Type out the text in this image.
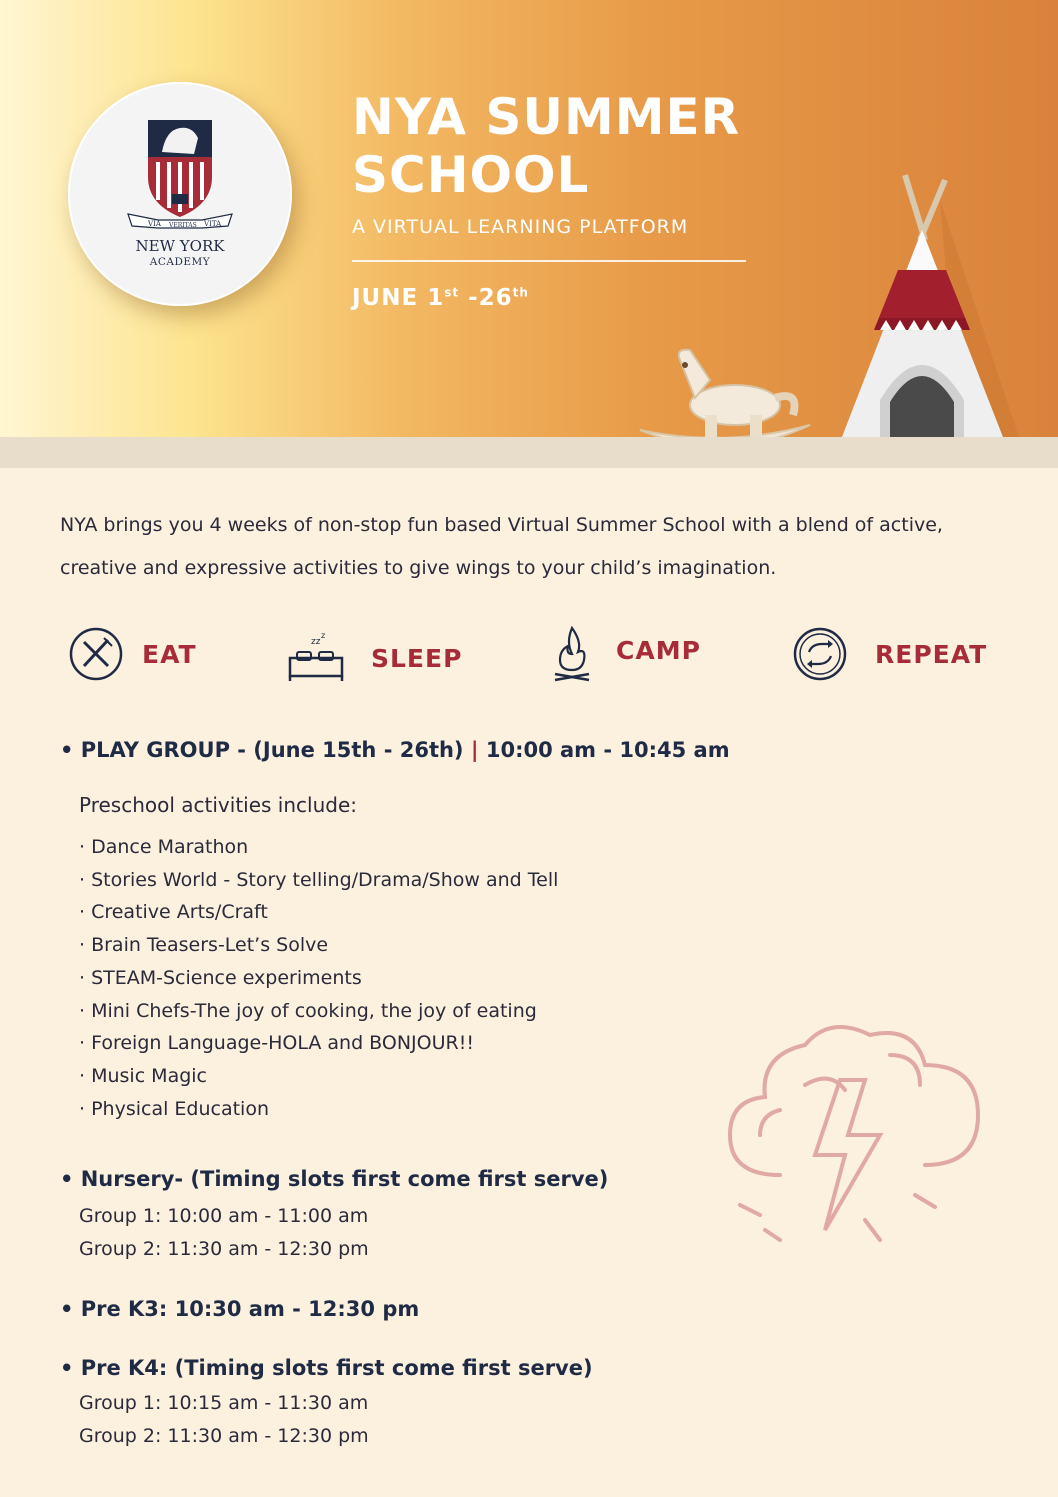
VIA VERITAS VITA
NEW YORK
ACADEMY
NYA SUMMER SCHOOL
A VIRTUAL LEARNING PLATFORM
JUNE 1st -26th
NYA brings you 4 weeks of non-stop fun based Virtual Summer School with a blend of active, creative and expressive activities to give wings to your child’s imagination.
EAT	zz
z
SLEEP	CAMP	REPEAT
• PLAY GROUP - (June 15th - 26th) | 10:00 am - 10:45 am
Preschool activities include:
· Dance Marathon
· Stories World - Story telling/Drama/Show and Tell
· Creative Arts/Craft
· Brain Teasers-Let’s Solve
· STEAM-Science experiments
· Mini Chefs-The joy of cooking, the joy of eating
· Foreign Language-HOLA and BONJOUR!!
· Music Magic
· Physical Education
• Nursery- (Timing slots first come first serve)
Group 1: 10:00 am - 11:00 am
Group 2: 11:30 am - 12:30 pm
• Pre K3: 10:30 am - 12:30 pm
• Pre K4: (Timing slots first come first serve)
Group 1: 10:15 am - 11:30 am
Group 2: 11:30 am - 12:30 pm
